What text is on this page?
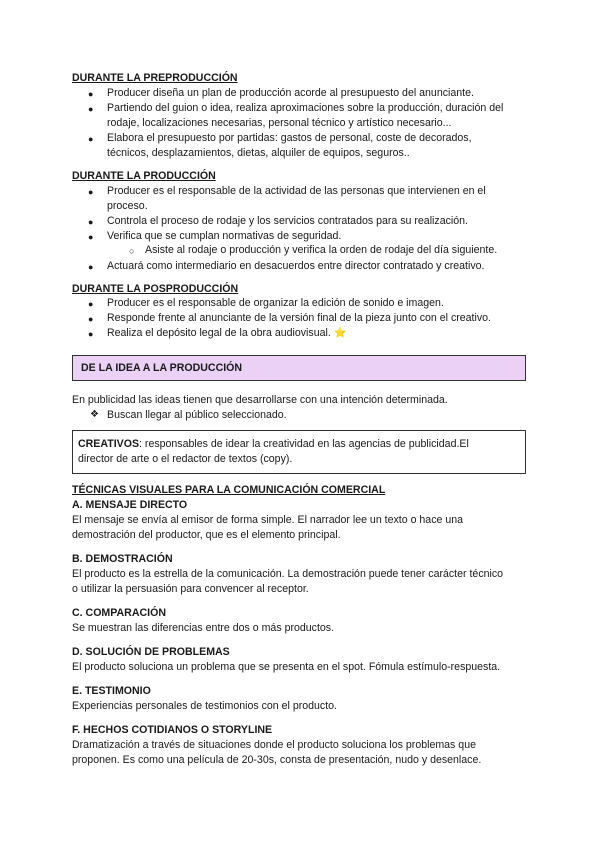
DURANTE LA PREPRODUCCIÓN
● Producer diseña un plan de producción acorde al presupuesto del anunciante.
● Partiendo del guion o idea, realiza aproximaciones sobre la producción, duración del
rodaje, localizaciones necesarias, personal técnico y artístico necesario...
● Elabora el presupuesto por partidas: gastos de personal, coste de decorados,
técnicos, desplazamientos, dietas, alquiler de equipos, seguros..
DURANTE LA PRODUCCIÓN
● Producer es el responsable de la actividad de las personas que intervienen en el
proceso.
● Controla el proceso de rodaje y los servicios contratados para su realización.
● Verifica que se cumplan normativas de seguridad.
○ Asiste al rodaje o producción y verifica la orden de rodaje del día siguiente.
● Actuará como intermediario en desacuerdos entre director contratado y creativo.
DURANTE LA POSPRODUCCIÓN
● Producer es el responsable de organizar la edición de sonido e imagen.
● Responde frente al anunciante de la versión final de la pieza junto con el creativo.
● Realiza el depósito legal de la obra audiovisual. ⭐
DE LA IDEA A LA PRODUCCIÓN
En publicidad las ideas tienen que desarrollarse con una intención determinada.
❖ Buscan llegar al público seleccionado.
CREATIVOS: responsables de idear la creatividad en las agencias de publicidad.El
director de arte o el redactor de textos (copy).
TÉCNICAS VISUALES PARA LA COMUNICACIÓN COMERCIAL
A. MENSAJE DIRECTO
El mensaje se envía al emisor de forma simple. El narrador lee un texto o hace una
demostración del productor, que es el elemento principal.
B. DEMOSTRACIÓN
El producto es la estrella de la comunicación. La demostración puede tener carácter técnico
o utilizar la persuasión para convencer al receptor.
C. COMPARACIÓN
Se muestran las diferencias entre dos o más productos.
D. SOLUCIÓN DE PROBLEMAS
El producto soluciona un problema que se presenta en el spot. Fómula estímulo-respuesta.
E. TESTIMONIO
Experiencias personales de testimonios con el producto.
F. HECHOS COTIDIANOS O STORYLINE
Dramatización a través de situaciones donde el producto soluciona los problemas que
proponen. Es como una película de 20-30s, consta de presentación, nudo y desenlace.
